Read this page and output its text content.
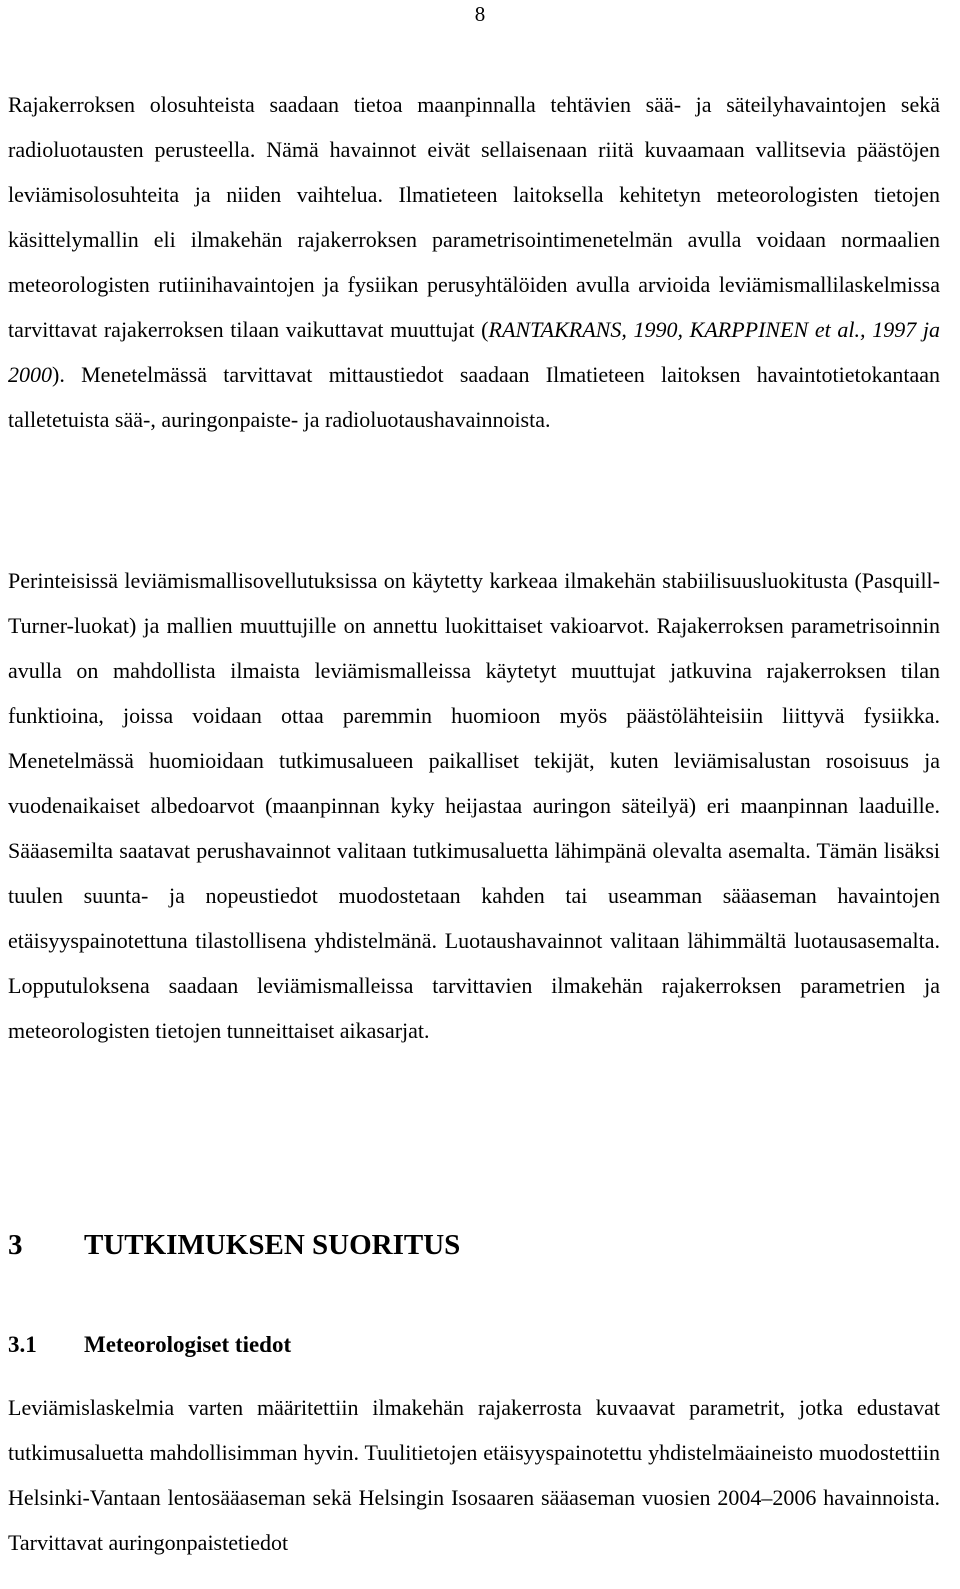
8

Rajakerroksen olosuhteista saadaan tietoa maanpinnalla tehtävien sää- ja säteilyhavaintojen sekä radioluotausten perusteella. Nämä havainnot eivät sellaisenaan riitä kuvaamaan vallitsevia päästöjen leviämisolosuhteita ja niiden vaihtelua. Ilmatieteen laitoksella kehitetyn meteorologisten tietojen käsittelymallin eli ilmakehän rajakerroksen parametrisointimenetelmän avulla voidaan normaalien meteorologisten rutiinihavaintojen ja fysiikan perusyhtälöiden avulla arvioida leviämismallilaskelmissa tarvittavat rajakerroksen tilaan vaikuttavat muuttujat (RANTAKRANS, 1990, KARPPINEN et al., 1997 ja 2000). Menetelmässä tarvittavat mittaustiedot saadaan Ilmatieteen laitoksen havaintotietokantaan talletetuista sää-, auringonpaiste- ja radioluotaushavainnoista.

Perinteisissä leviämismallisovellutuksissa on käytetty karkeaa ilmakehän stabiilisuusluokitusta (Pasquill-Turner-luokat) ja mallien muuttujille on annettu luokittaiset vakioarvot. Rajakerroksen parametrisoinnin avulla on mahdollista ilmaista leviämismalleissa käytetyt muuttujat jatkuvina rajakerroksen tilan funktioina, joissa voidaan ottaa paremmin huomioon myös päästölähteisiin liittyvä fysiikka. Menetelmässä huomioidaan tutkimusalueen paikalliset tekijät, kuten leviämisalustan rosoisuus ja vuodenaikaiset albedoarvot (maanpinnan kyky heijastaa auringon säteilyä) eri maanpinnan laaduille. Sääasemilta saatavat perushavainnot valitaan tutkimusaluetta lähimpänä olevalta asemalta. Tämän lisäksi tuulen suunta- ja nopeustiedot muodostetaan kahden tai useamman sääaseman havaintojen etäisyyspainotettuna tilastollisena yhdistelmänä. Luotaushavainnot valitaan lähimmältä luotausasemalta. Lopputuloksena saadaan leviämismalleissa tarvittavien ilmakehän rajakerroksen parametrien ja meteorologisten tietojen tunneittaiset aikasarjat.

3 TUTKIMUKSEN SUORITUS
3.1 Meteorologiset tiedot

Leviämislaskelmia varten määritettiin ilmakehän rajakerrosta kuvaavat parametrit, jotka edustavat tutkimusaluetta mahdollisimman hyvin. Tuulitietojen etäisyyspainotettu yhdistelmäaineisto muodostettiin Helsinki-Vantaan lentosääaseman sekä Helsingin Isosaaren sääaseman vuosien 2004–2006 havainnoista. Tarvittavat auringonpaistetiedot
